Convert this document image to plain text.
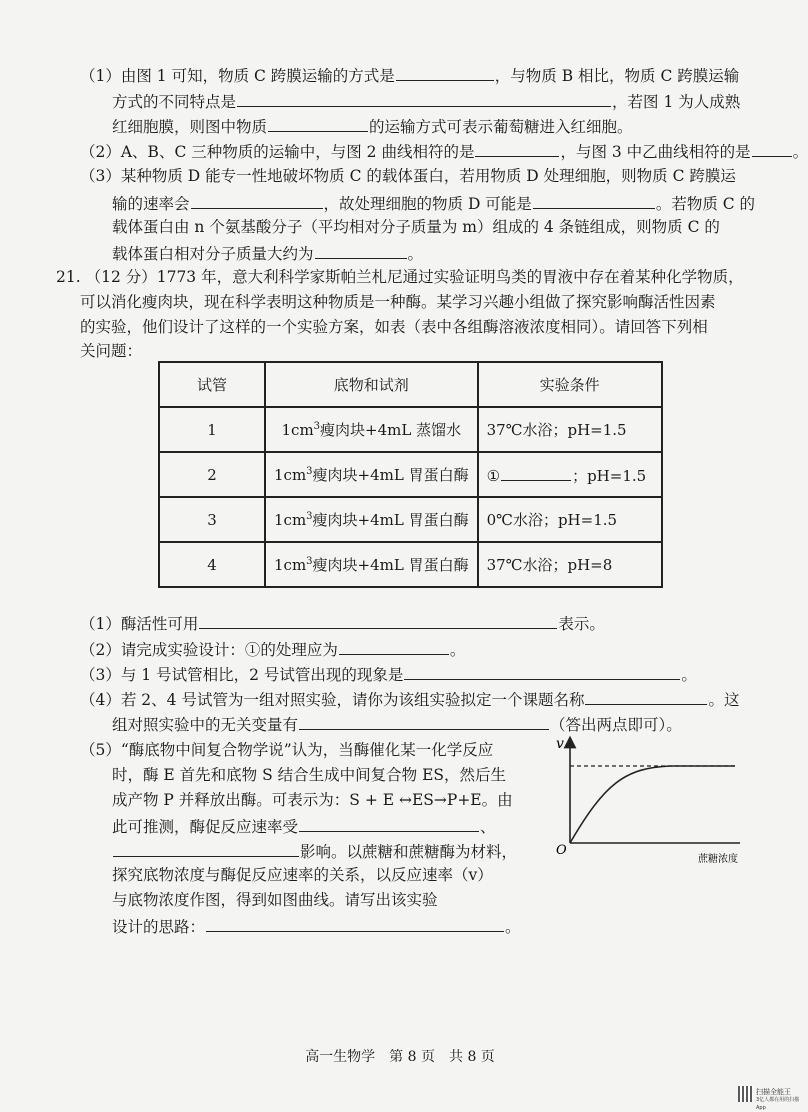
（1）由图 1 可知，物质 C 跨膜运输的方式是	，与物质 B 相比，物质 C 跨膜运输
方式的不同特点是	，若图 1 为人成熟
红细胞膜，则图中物质	的运输方式可表示葡萄糖进入红细胞。
（2）A、B、C 三种物质的运输中，与图 2 曲线相符的是	，与图 3 中乙曲线相符的是	。
（3）某种物质 D 能专一性地破坏物质 C 的载体蛋白，若用物质 D 处理细胞，则物质 C 跨膜运
输的速率会	，故处理细胞的物质 D 可能是	。若物质 C 的
载体蛋白由 n 个氨基酸分子（平均相对分子质量为 m）组成的 4 条链组成，则物质 C 的
载体蛋白相对分子质量大约为	。
21. （12 分）1773 年，意大利科学家斯帕兰札尼通过实验证明鸟类的胃液中存在着某种化学物质，
可以消化瘦肉块，现在科学表明这种物质是一种酶。某学习兴趣小组做了探究影响酶活性因素
的实验，他们设计了这样的一个实验方案，如表（表中各组酶溶液浓度相同）。请回答下列相
关问题：
试管	底物和试剂	实验条件
1	$1cm^3$瘦肉块+4mL 蒸馏水	37℃水浴；pH=1.5
2	$1cm^3$瘦肉块+4mL 胃蛋白酶	① ；pH=1.5
3	$1cm^3$瘦肉块+4mL 胃蛋白酶	0℃水浴；pH=1.5
4	$1cm^3$瘦肉块+4mL 胃蛋白酶	37℃水浴；pH=8
（1）酶活性可用	表示。
（2）请完成实验设计：①的处理应为	。
（3）与 1 号试管相比，2 号试管出现的现象是	。
（4）若 2、4 号试管为一组对照实验，请你为该组实验拟定一个课题名称	。这
组对照实验中的无关变量有	（答出两点即可）。
（5）“酶底物中间复合物学说”认为，当酶催化某一化学反应
时，酶 E 首先和底物 S 结合生成中间复合物 ES，然后生
成产物 P 并释放出酶。可表示为：S + E ↔ES→P+E。由
此可推测，酶促反应速率受	、
影响。以蔗糖和蔗糖酶为材料，
探究底物浓度与酶促反应速率的关系，以反应速率（v）
与底物浓度作图，得到如图曲线。请写出该实验
设计的思路：	。
v
O
蔗糖浓度
高一生物学　第 8 页　共 8 页
扫描全能王
3亿人都在用的扫描App
